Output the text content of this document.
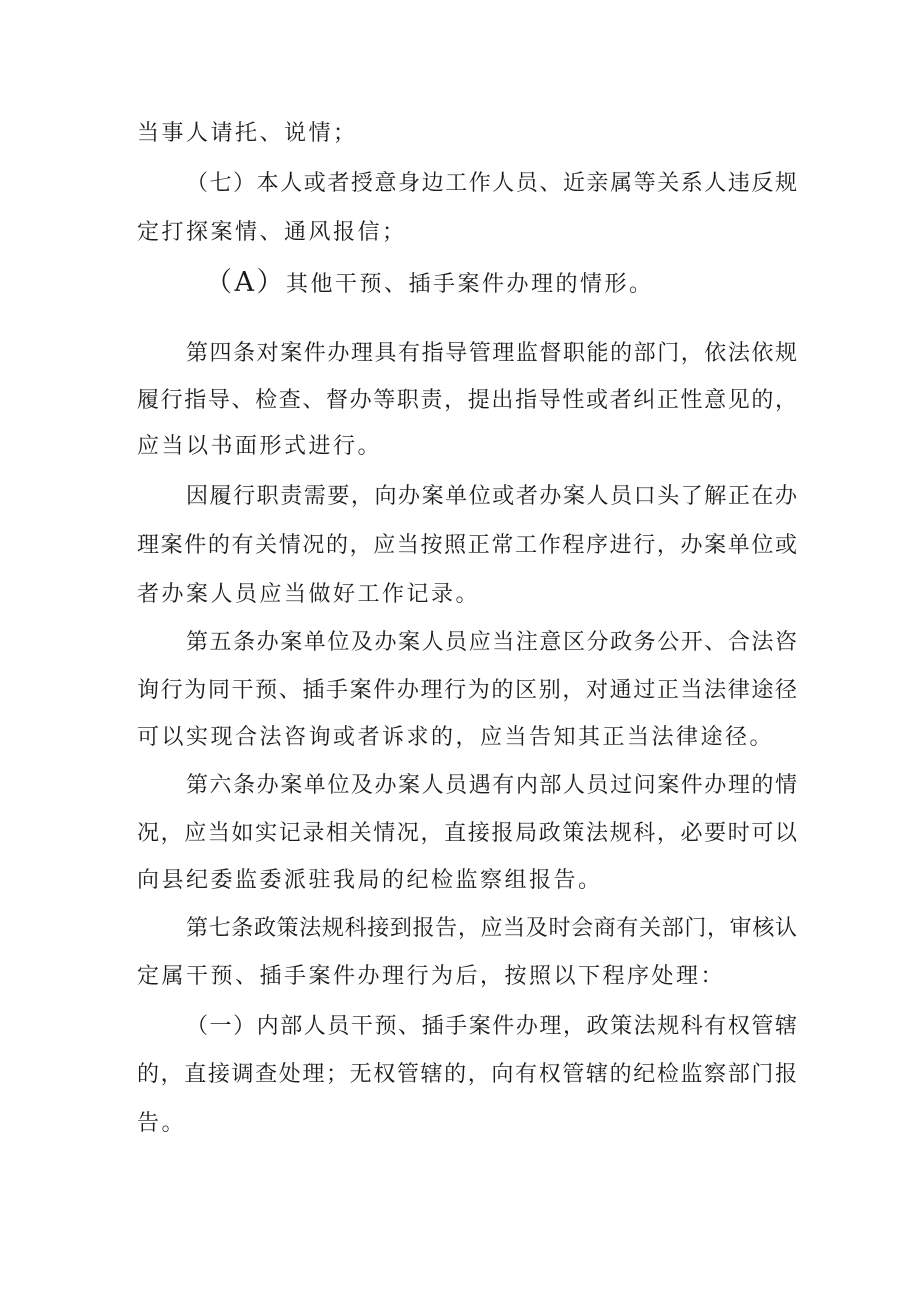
当事人请托、说情；
（七）本人或者授意身边工作人员、近亲属等关系人违反规
定打探案情、通风报信；
（A）其他干预、插手案件办理的情形。
第四条对案件办理具有指导管理监督职能的部门，依法依规
履行指导、检查、督办等职责，提出指导性或者纠正性意见的，
应当以书面形式进行。
因履行职责需要，向办案单位或者办案人员口头了解正在办
理案件的有关情况的，应当按照正常工作程序进行，办案单位或
者办案人员应当做好工作记录。
第五条办案单位及办案人员应当注意区分政务公开、合法咨
询行为同干预、插手案件办理行为的区别，对通过正当法律途径
可以实现合法咨询或者诉求的，应当告知其正当法律途径。
第六条办案单位及办案人员遇有内部人员过问案件办理的情
况，应当如实记录相关情况，直接报局政策法规科，必要时可以
向县纪委监委派驻我局的纪检监察组报告。
第七条政策法规科接到报告，应当及时会商有关部门，审核认
定属干预、插手案件办理行为后，按照以下程序处理：
（一）内部人员干预、插手案件办理，政策法规科有权管辖
的，直接调查处理；无权管辖的，向有权管辖的纪检监察部门报
告。
